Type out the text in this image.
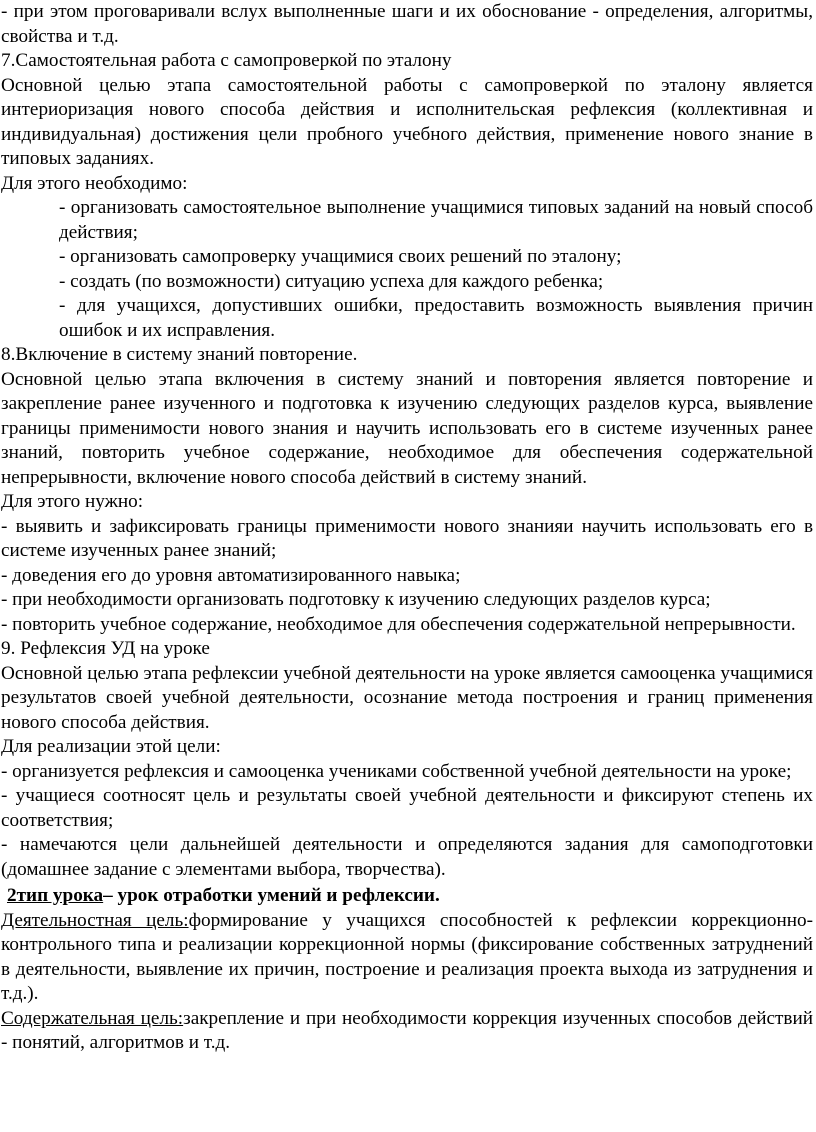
- при этом проговаривали вслух выполненные шаги и их обоснование - определения, алгоритмы, свойства и т.д.

7.Самостоятельная работа с самопроверкой по эталону

Основной целью этапа самостоятельной работы с самопроверкой по эталону является интериоризация нового способа действия и исполнительская рефлексия (коллективная и индивидуальная) достижения цели пробного учебного действия, применение нового знание в типовых заданиях.

Для этого необходимо:

- организовать самостоятельное выполнение учащимися типовых заданий на новый способ действия;

- организовать самопроверку учащимися своих решений по эталону;

- создать (по возможности) ситуацию успеха для каждого ребенка;

- для учащихся, допустивших ошибки, предоставить возможность выявления причин ошибок и их исправления.

8.Включение в систему знаний повторение.

Основной целью этапа включения в систему знаний и повторения является повторение и закрепление ранее изученного и подготовка к изучению следующих разделов курса, выявление границы применимости нового знания и научить использовать его в системе изученных ранее знаний, повторить учебное содержание, необходимое для обеспечения содержательной непрерывности, включение нового способа действий в систему знаний.

Для этого нужно:

- выявить и зафиксировать границы применимости нового знанияи научить использовать его в системе изученных ранее знаний;

- доведения его до уровня автоматизированного навыка;

- при необходимости организовать подготовку к изучению следующих разделов курса;

- повторить учебное содержание, необходимое для обеспечения содержательной непрерывности.

9. Рефлексия УД на уроке

Основной целью этапа рефлексии учебной деятельности на уроке является самооценка учащимися результатов своей учебной деятельности, осознание метода построения и границ применения нового способа действия.

Для реализации этой цели:

- организуется рефлексия и самооценка учениками собственной учебной деятельности на уроке;

- учащиеся соотносят цель и результаты своей учебной деятельности и фиксируют степень их соответствия;

- намечаются цели дальнейшей деятельности и определяются задания для самоподготовки (домашнее задание с элементами выбора, творчества).

2тип урока– урок отработки умений и рефлексии.

Деятельностная цель:формирование у учащихся способностей к рефлексии коррекционно-контрольного типа и реализации коррекционной нормы (фиксирование собственных затруднений в деятельности, выявление их причин, построение и реализация проекта выхода из затруднения и т.д.).

Содержательная цель:закрепление и при необходимости коррекция изученных способов действий - понятий, алгоритмов и т.д.
